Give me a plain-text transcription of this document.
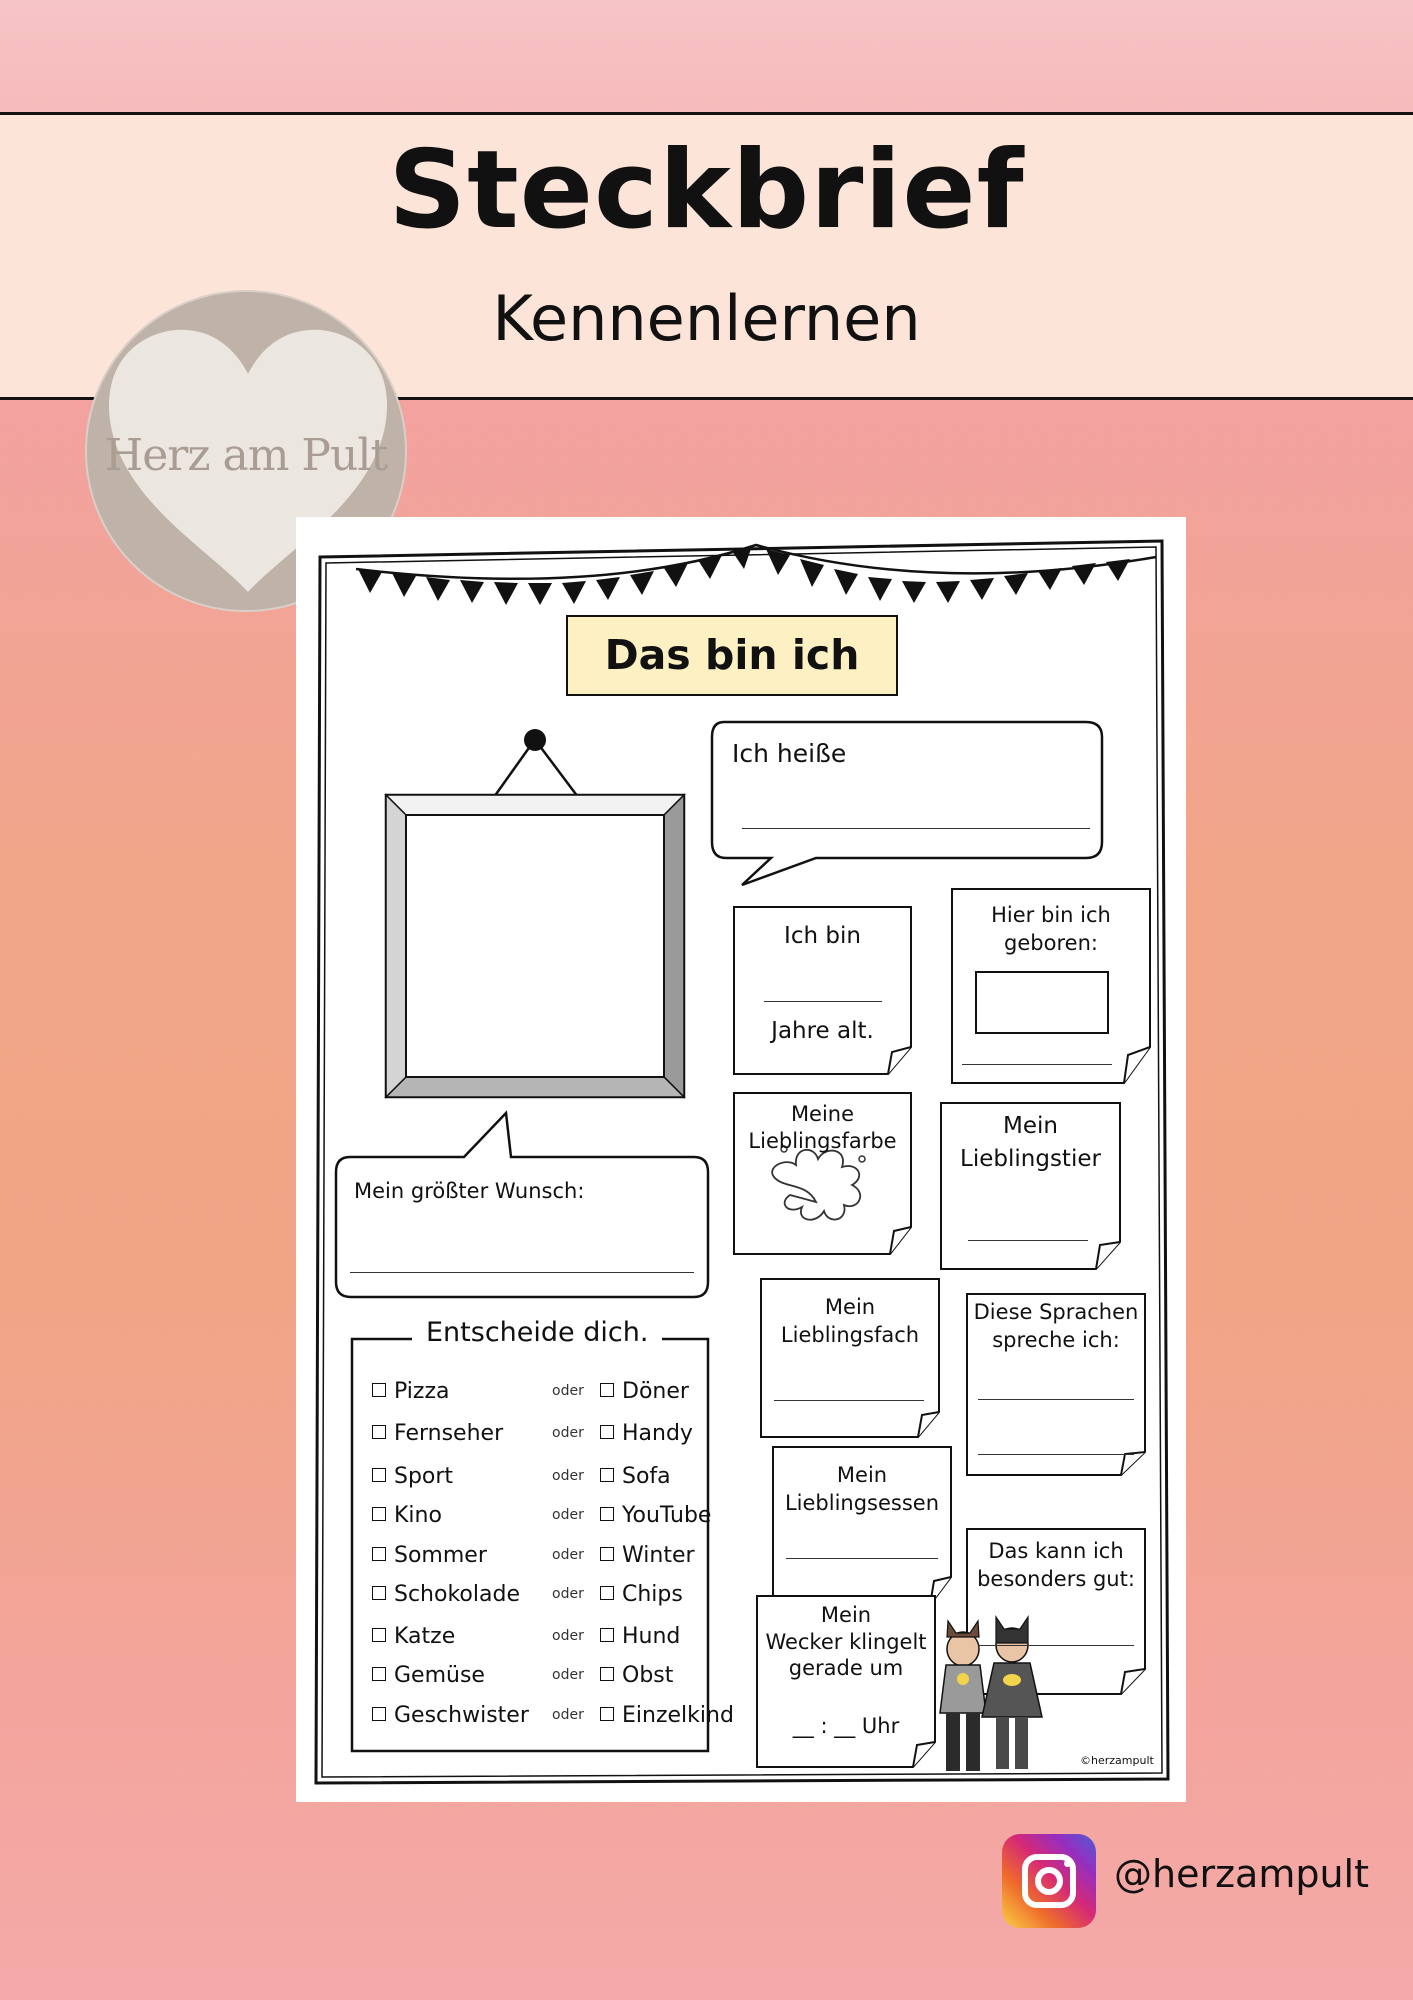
Steckbrief
Kennenlernen
Herz am Pult
Das bin ich
Ich heiße
Ich bin
Jahre alt.
Hier bin ich
geboren:
Meine
Lieblingsfarbe
Mein
Lieblingstier
Mein größter Wunsch:
Mein
Lieblingsfach
Diese Sprachen
spreche ich:
Mein
Lieblingsessen
Das kann ich
besonders gut:
Mein
Wecker klingelt
gerade um
__ : __ Uhr
Entscheide dich.
Pizza	oder	Döner
Fernseher	oder	Handy
Sport	oder	Sofa
Kino	oder	YouTube
Sommer	oder	Winter
Schokolade oder	Chips
Katze	oder	Hund
Gemüse	oder	Obst
Geschwister oder	Einzelkind
©herzampult
@herzampult
